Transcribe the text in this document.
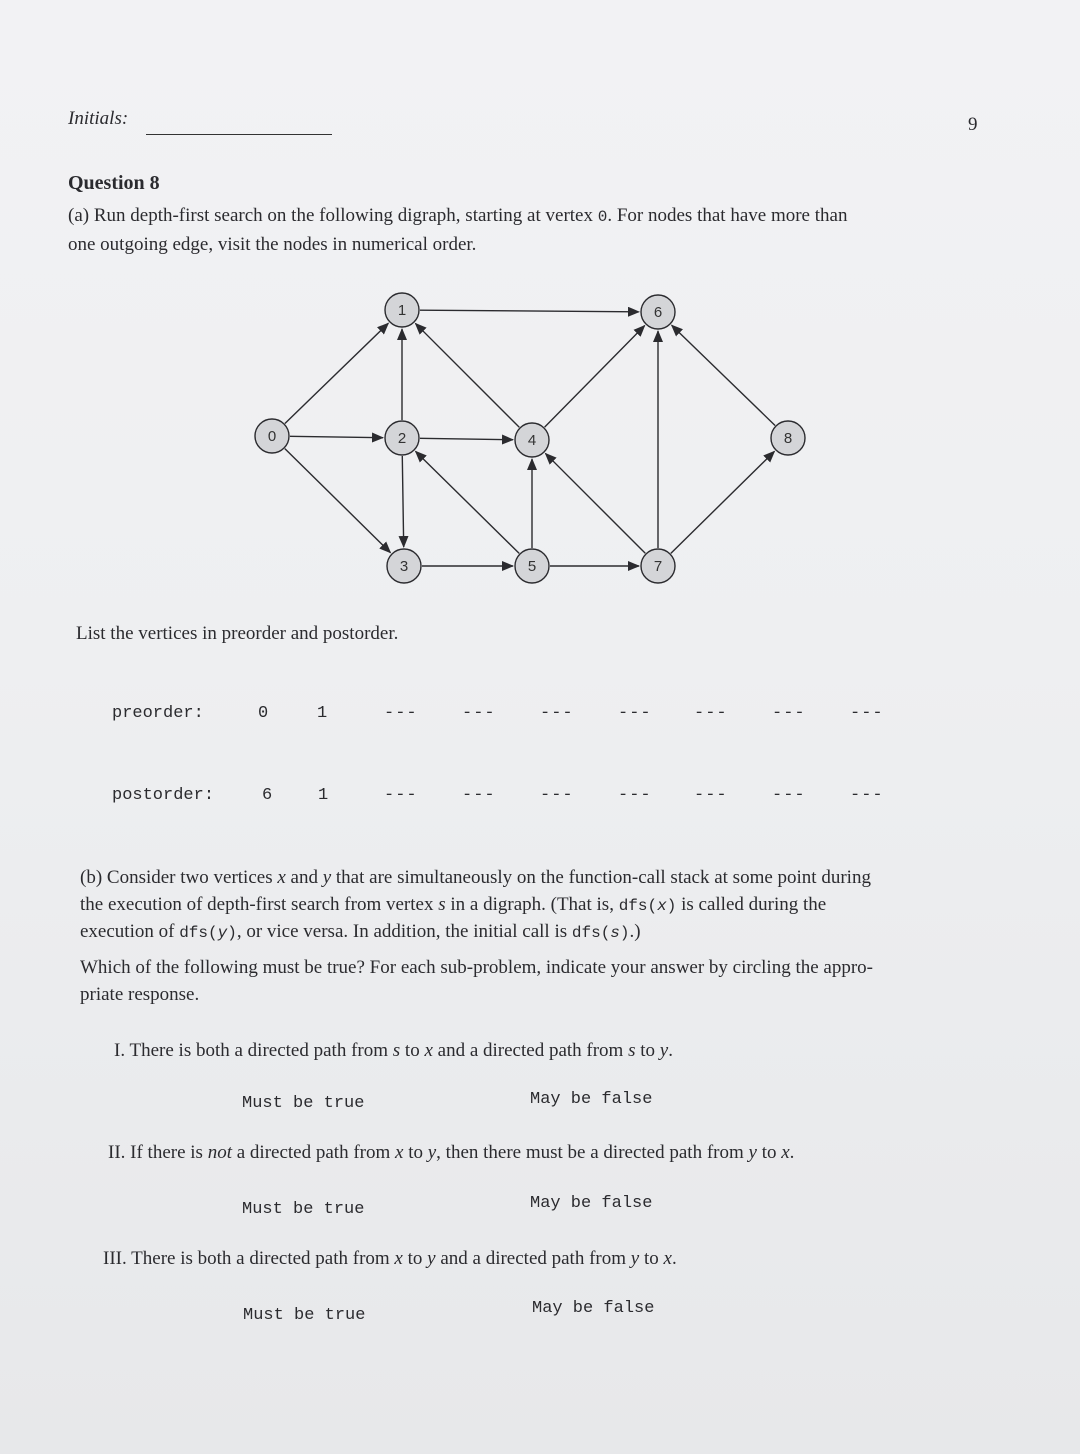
Initials:	9
Question 8
(a) Run depth-first search on the following digraph, starting at vertex 0. For nodes that have more than
one outgoing edge, visit the nodes in numerical order.
0
1
2
3
4
5
6
7
8
List the vertices in preorder and postorder.
preorder:	0	1	---	---	---	--- ---	---	---
postorder:	6	1	---	---	---	--- ---	---	---
(b) Consider two vertices x and y that are simultaneously on the function-call stack at some point during
the execution of depth-first search from vertex s in a digraph. (That is, dfs(x) is called during the
execution of dfs(y), or vice versa. In addition, the initial call is dfs(s).)
Which of the following must be true? For each sub-problem, indicate your answer by circling the appro-
priate response.
I. There is both a directed path from s to x and a directed path from s to y.
Must be true	May be false
II. If there is not a directed path from x to y, then there must be a directed path from y to x.
Must be true	May be false
III. There is both a directed path from x to y and a directed path from y to x.
Must be true	May be false
